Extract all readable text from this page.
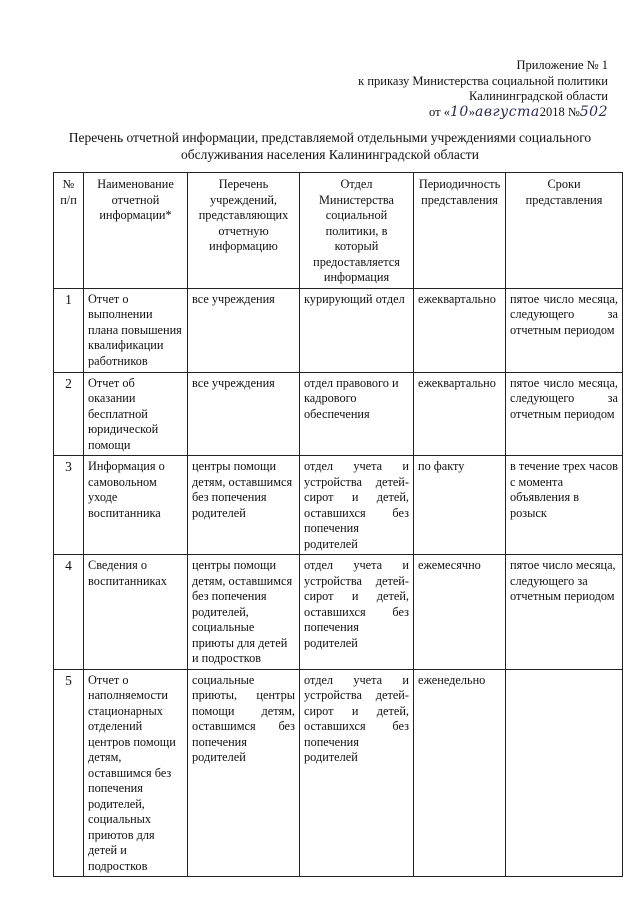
Приложение № 1
к приказу Министерства социальной политики
Калининградской области
от «10»августа2018 №502
Перечень отчетной информации, представляемой отдельными учреждениями социального обслуживания населения Калининградской области
№ п/п	Наименование отчетной информации*	Перечень учреждений, представляющих отчетную информацию	Отдел Министерства социальной политики, в который предоставляется информация	Периодичность представления	Сроки представления
1	Отчет о выполнении плана повышения квалификации работников	все учреждения	курирующий отдел	ежеквартально	пятое число месяца, следующего за отчетным периодом
2	Отчет об оказании бесплатной юридической помощи	все учреждения	отдел правового и кадрового обеспечения	ежеквартально	пятое число месяца, следующего за отчетным периодом
3	Информация о самовольном уходе воспитанника	центры помощи детям, оставшимся без попечения родителей	отдел учета и устройства детей-сирот и детей, оставшихся без попечения родителей	по факту	в течение трех часов с момента объявления в розыск
4	Сведения о воспитанниках	центры помощи детям, оставшимся без попечения родителей, социальные приюты для детей и подростков	отдел учета и устройства детей-сирот и детей, оставшихся без попечения родителей	ежемесячно	пятое число месяца, следующего за отчетным периодом
5	Отчет о наполняемости стационарных отделений центров помощи детям, оставшимся без попечения родителей, социальных приютов для детей и подростков	социальные приюты, центры помощи детям, оставшимся без попечения родителей	отдел учета и устройства детей-сирот и детей, оставшихся без попечения родителей	еженедельно	
